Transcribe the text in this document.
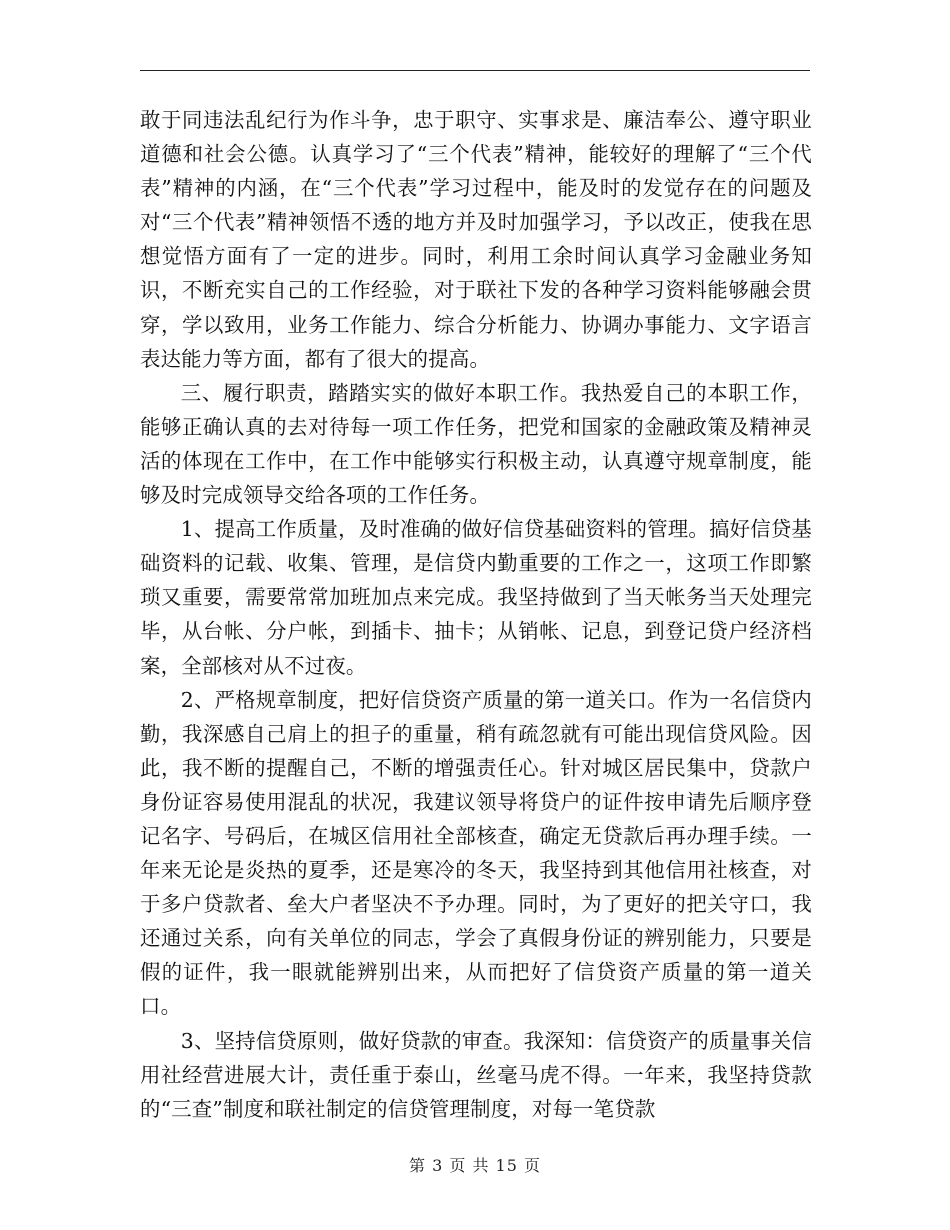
敢于同违法乱纪行为作斗争，忠于职守、实事求是、廉洁奉公、遵守职业道德和社会公德。认真学习了“三个代表”精神，能较好的理解了“三个代表”精神的内涵，在“三个代表”学习过程中，能及时的发觉存在的问题及对“三个代表”精神领悟不透的地方并及时加强学习，予以改正，使我在思想觉悟方面有了一定的进步。同时，利用工余时间认真学习金融业务知识，不断充实自己的工作经验，对于联社下发的各种学习资料能够融会贯穿，学以致用，业务工作能力、综合分析能力、协调办事能力、文字语言表达能力等方面，都有了很大的提高。

三、履行职责，踏踏实实的做好本职工作。我热爱自己的本职工作，能够正确认真的去对待每一项工作任务，把党和国家的金融政策及精神灵活的体现在工作中，在工作中能够实行积极主动，认真遵守规章制度，能够及时完成领导交给各项的工作任务。

1、提高工作质量，及时准确的做好信贷基础资料的管理。搞好信贷基础资料的记载、收集、管理，是信贷内勤重要的工作之一，这项工作即繁琐又重要，需要常常加班加点来完成。我坚持做到了当天帐务当天处理完毕，从台帐、分户帐，到插卡、抽卡；从销帐、记息，到登记贷户经济档案，全部核对从不过夜。

2、严格规章制度，把好信贷资产质量的第一道关口。作为一名信贷内勤，我深感自己肩上的担子的重量，稍有疏忽就有可能出现信贷风险。因此，我不断的提醒自己，不断的增强责任心。针对城区居民集中，贷款户身份证容易使用混乱的状况，我建议领导将贷户的证件按申请先后顺序登记名字、号码后，在城区信用社全部核查，确定无贷款后再办理手续。一年来无论是炎热的夏季，还是寒冷的冬天，我坚持到其他信用社核查，对于多户贷款者、垒大户者坚决不予办理。同时，为了更好的把关守口，我还通过关系，向有关单位的同志，学会了真假身份证的辨别能力，只要是假的证件，我一眼就能辨别出来，从而把好了信贷资产质量的第一道关口。

3、坚持信贷原则，做好贷款的审查。我深知：信贷资产的质量事关信用社经营进展大计，责任重于泰山，丝毫马虎不得。一年来，我坚持贷款的“三查”制度和联社制定的信贷管理制度，对每一笔贷款

第 3 页 共 15 页
